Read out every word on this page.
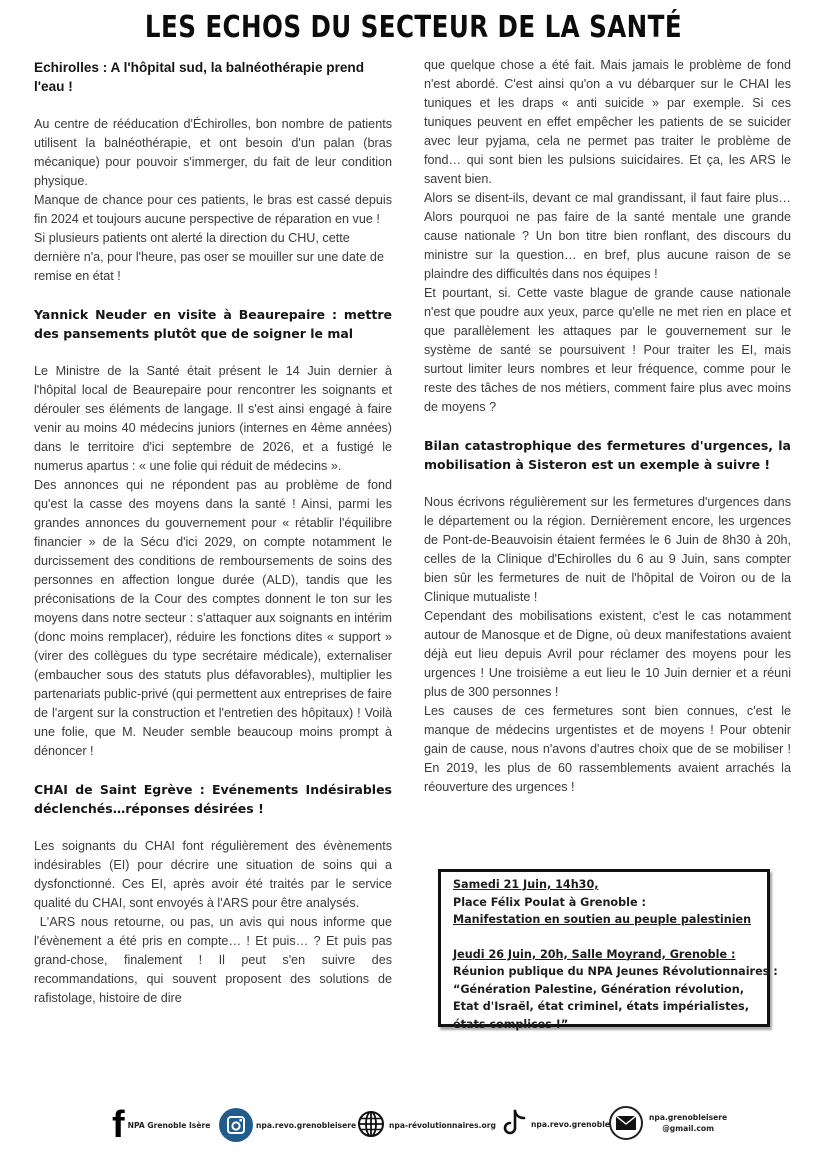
LES ECHOS DU SECTEUR DE LA SANTÉ
Echirolles : A l'hôpital sud, la balnéothérapie prend l'eau !

Au centre de rééducation d'Échirolles, bon nombre de patients utilisent la balnéothérapie, et ont besoin d'un palan (bras mécanique) pour pouvoir s'immerger, du fait de leur condition physique.

Manque de chance pour ces patients, le bras est cassé depuis fin 2024 et toujours aucune perspective de réparation en vue !

Si plusieurs patients ont alerté la direction du CHU, cette dernière n'a, pour l'heure, pas oser se mouiller sur une date de remise en état !

Yannick Neuder en visite à Beaurepaire : mettre des pansements plutôt que de soigner le mal

Le Ministre de la Santé était présent le 14 Juin dernier à l'hôpital local de Beaurepaire pour rencontrer les soignants et dérouler ses éléments de langage. Il s'est ainsi engagé à faire venir au moins 40 médecins juniors (internes en 4ème années) dans le territoire d'ici septembre de 2026, et a fustigé le numerus apartus : « une folie qui réduit de médecins ».

Des annonces qui ne répondent pas au problème de fond qu'est la casse des moyens dans la santé ! Ainsi, parmi les grandes annonces du gouvernement pour « rétablir l'équilibre financier » de la Sécu d'ici 2029, on compte notamment le durcissement des conditions de remboursements de soins des personnes en affection longue durée (ALD), tandis que les préconisations de la Cour des comptes donnent le ton sur les moyens dans notre secteur : s'attaquer aux soignants en intérim (donc moins remplacer), réduire les fonctions dites « support » (virer des collègues du type secrétaire médicale), externaliser (embaucher sous des statuts plus défavorables), multiplier les partenariats public-privé (qui permettent aux entreprises de faire de l'argent sur la construction et l'entretien des hôpitaux) ! Voilà une folie, que M. Neuder semble beaucoup moins prompt à dénoncer !

CHAI de Saint Egrève : Evénements Indésirables déclenchés…réponses désirées !

Les soignants du CHAI font régulièrement des évènements indésirables (EI) pour décrire une situation de soins qui a dysfonctionné. Ces EI, après avoir été traités par le service qualité du CHAI, sont envoyés à l'ARS pour être analysés.

L'ARS nous retourne, ou pas, un avis qui nous informe que l'évènement a été pris en compte… ! Et puis… ? Et puis pas grand-chose, finalement ! Il peut s'en suivre des recommandations, qui souvent proposent des solutions de rafistolage, histoire de dire

que quelque chose a été fait. Mais jamais le problème de fond n'est abordé. C'est ainsi qu'on a vu débarquer sur le CHAI les tuniques et les draps « anti suicide » par exemple. Si ces tuniques peuvent en effet empêcher les patients de se suicider avec leur pyjama, cela ne permet pas traiter le problème de fond… qui sont bien les pulsions suicidaires. Et ça, les ARS le savent bien.

Alors se disent-ils, devant ce mal grandissant, il faut faire plus… Alors pourquoi ne pas faire de la santé mentale une grande cause nationale ? Un bon titre bien ronflant, des discours du ministre sur la question… en bref, plus aucune raison de se plaindre des difficultés dans nos équipes !

Et pourtant, si. Cette vaste blague de grande cause nationale n'est que poudre aux yeux, parce qu'elle ne met rien en place et que parallèlement les attaques par le gouvernement sur le système de santé se poursuivent ! Pour traiter les EI, mais surtout limiter leurs nombres et leur fréquence, comme pour le reste des tâches de nos métiers, comment faire plus avec moins de moyens ?

Bilan catastrophique des fermetures d'urgences, la mobilisation à Sisteron est un exemple à suivre !

Nous écrivons régulièrement sur les fermetures d'urgences dans le département ou la région. Dernièrement encore, les urgences de Pont-de-Beauvoisin étaient fermées le 6 Juin de 8h30 à 20h, celles de la Clinique d'Echirolles du 6 au 9 Juin, sans compter bien sûr les fermetures de nuit de l'hôpital de Voiron ou de la Clinique mutualiste !

Cependant des mobilisations existent, c'est le cas notamment autour de Manosque et de Digne, où deux manifestations avaient déjà eut lieu depuis Avril pour réclamer des moyens pour les urgences ! Une troisième a eut lieu le 10 Juin dernier et a réuni plus de 300 personnes !

Les causes de ces fermetures sont bien connues, c'est le manque de médecins urgentistes et de moyens ! Pour obtenir gain de cause, nous n'avons d'autres choix que de se mobiliser ! En 2019, les plus de 60 rassemblements avaient arrachés la réouverture des urgences !

Samedi 21 Juin, 14h30,
Place Félix Poulat à Grenoble :
Manifestation en soutien au peuple palestinien
Jeudi 26 Juin, 20h, Salle Moyrand, Grenoble :
Réunion publique du NPA Jeunes Révolutionnaires :
“Génération Palestine, Génération révolution,
Etat d'Israël, état criminel, états impérialistes,
états complices !”
f NPA Grenoble Isère	npa.revo.grenobleisere	npa-révolutionnaires.org	npa.revo.grenoble
npa.grenobleisere
@gmail.com
